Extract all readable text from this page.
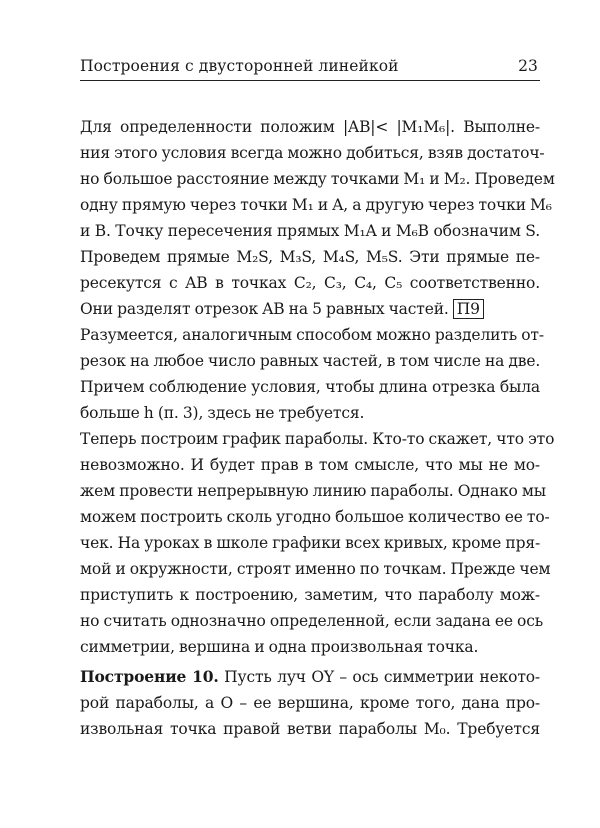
Построения с двусторонней линейкой	23
Для определенности положим |AB|< |M₁M₆|. Выполне-
ния этого условия всегда можно добиться, взяв достаточ-
но большое расстояние между точками M₁ и M₂. Проведем
одну прямую через точки M₁ и A, а другую через точки M₆
и B. Точку пересечения прямых M₁A и M₆B обозначим S.
Проведем прямые M₂S, M₃S, M₄S, M₅S. Эти прямые пе-
ресекутся с AB в точках C₂, C₃, C₄, C₅ соответственно.
Они разделят отрезок AB на 5 равных частей. П9
Разумеется, аналогичным способом можно разделить от-
резок на любое число равных частей, в том числе на две.
Причем соблюдение условия, чтобы длина отрезка была
больше h (п. 3), здесь не требуется.
Теперь построим график параболы. Кто-то скажет, что это
невозможно. И будет прав в том смысле, что мы не мо-
жем провести непрерывную линию параболы. Однако мы
можем построить сколь угодно большое количество ее то-
чек. На уроках в школе графики всех кривых, кроме пря-
мой и окружности, строят именно по точкам. Прежде чем
приступить к построению, заметим, что параболу мож-
но считать однозначно определенной, если задана ее ось
симметрии, вершина и одна произвольная точка.
Построение 10. Пусть луч OY – ось симметрии некото-
рой параболы, а O – ее вершина, кроме того, дана про-
извольная точка правой ветви параболы M₀. Требуется
